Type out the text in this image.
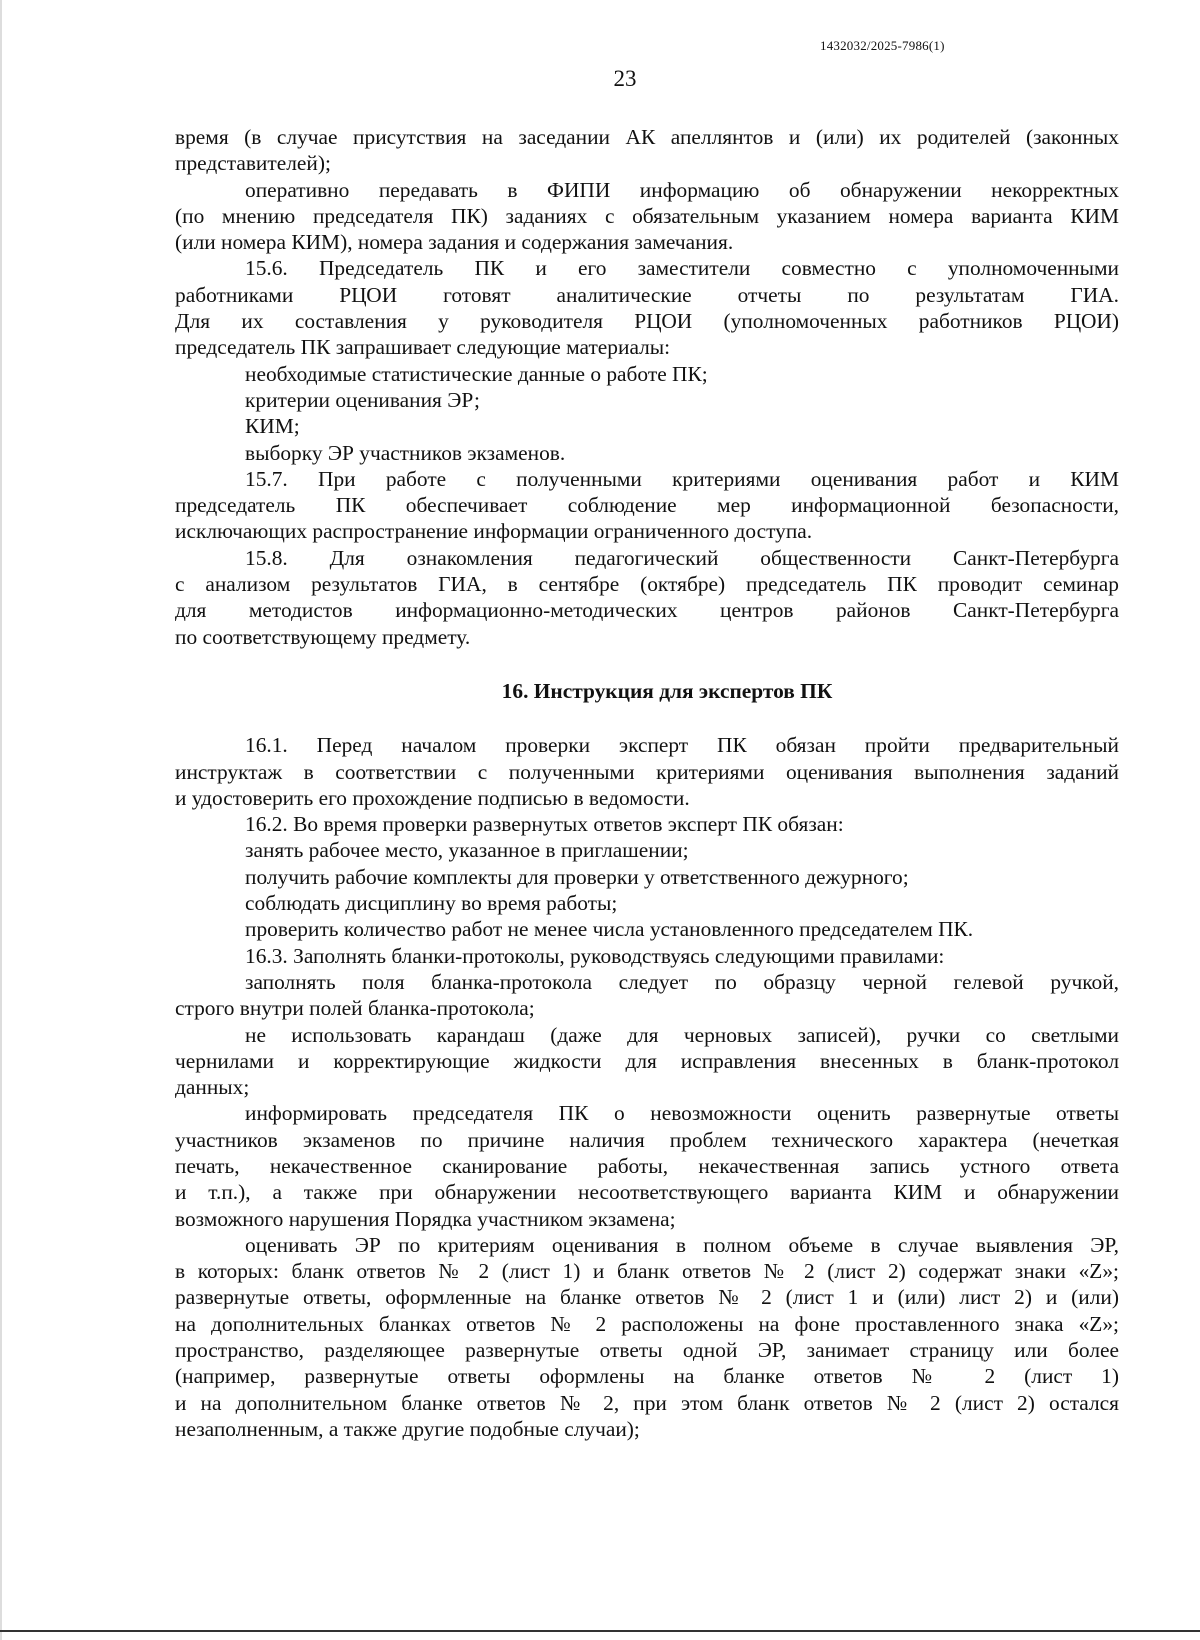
1432032/2025-7986(1)
23

время (в случае присутствия на заседании АК апеллянтов и (или) их родителей (законных

представителей);

оперативно передавать в ФИПИ информацию об обнаружении некорректных

(по мнению председателя ПК) заданиях с обязательным указанием номера варианта КИМ

(или номера КИМ), номера задания и содержания замечания.

15.6. Председатель ПК и его заместители совместно с уполномоченными

работниками РЦОИ готовят аналитические отчеты по результатам ГИА.

Для их составления у руководителя РЦОИ (уполномоченных работников РЦОИ)

председатель ПК запрашивает следующие материалы:

необходимые статистические данные о работе ПК;

критерии оценивания ЭР;

КИМ;

выборку ЭР участников экзаменов.

15.7. При работе с полученными критериями оценивания работ и КИМ

председатель ПК обеспечивает соблюдение мер информационной безопасности,

исключающих распространение информации ограниченного доступа.

15.8. Для ознакомления педагогический общественности Санкт-Петербурга

с анализом результатов ГИА, в сентябре (октябре) председатель ПК проводит семинар

для методистов информационно-методических центров районов Санкт-Петербурга

по соответствующему предмету.

16. Инструкция для экспертов ПК

16.1. Перед началом проверки эксперт ПК обязан пройти предварительный

инструктаж в соответствии с полученными критериями оценивания выполнения заданий

и удостоверить его прохождение подписью в ведомости.

16.2. Во время проверки развернутых ответов эксперт ПК обязан:

занять рабочее место, указанное в приглашении;

получить рабочие комплекты для проверки у ответственного дежурного;

соблюдать дисциплину во время работы;

проверить количество работ не менее числа установленного председателем ПК.

16.3. Заполнять бланки-протоколы, руководствуясь следующими правилами:

заполнять поля бланка-протокола следует по образцу черной гелевой ручкой,

строго внутри полей бланка-протокола;

не использовать карандаш (даже для черновых записей), ручки со светлыми

чернилами и корректирующие жидкости для исправления внесенных в бланк-протокол

данных;

информировать председателя ПК о невозможности оценить развернутые ответы

участников экзаменов по причине наличия проблем технического характера (нечеткая

печать, некачественное сканирование работы, некачественная запись устного ответа

и т.п.), а также при обнаружении несоответствующего варианта КИМ и обнаружении

возможного нарушения Порядка участником экзамена;

оценивать ЭР по критериям оценивания в полном объеме в случае выявления ЭР,

в которых: бланк ответов № 2 (лист 1) и бланк ответов № 2 (лист 2) содержат знаки «Z»;

развернутые ответы, оформленные на бланке ответов № 2 (лист 1 и (или) лист 2) и (или)

на дополнительных бланках ответов № 2 расположены на фоне проставленного знака «Z»;

пространство, разделяющее развернутые ответы одной ЭР, занимает страницу или более

(например, развернутые ответы оформлены на бланке ответов № 2 (лист 1)

и на дополнительном бланке ответов № 2, при этом бланк ответов № 2 (лист 2) остался

незаполненным, а также другие подобные случаи);
